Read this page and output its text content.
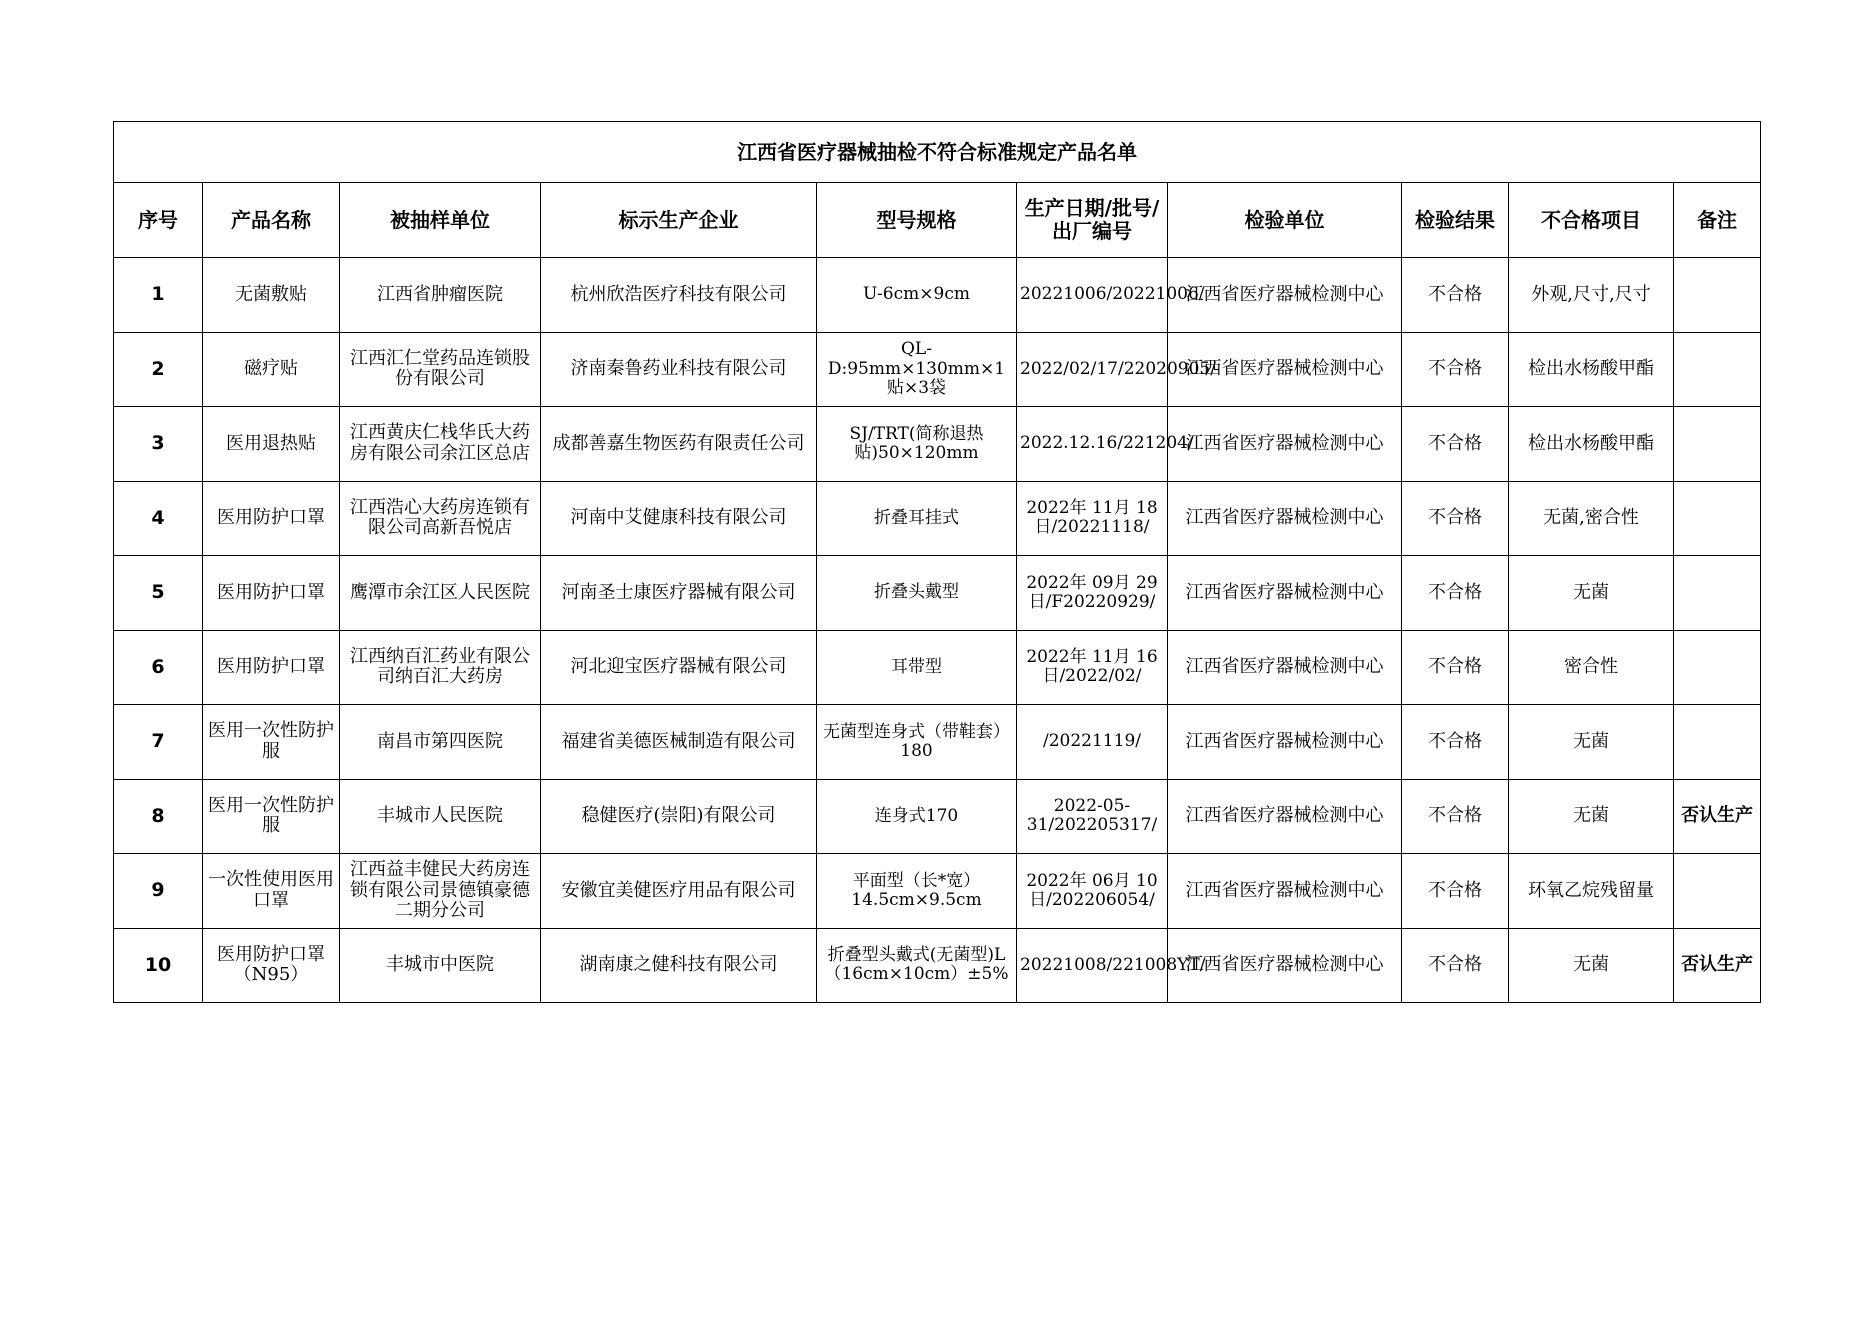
江西省医疗器械抽检不符合标准规定产品名单									
序号	产品名称	被抽样单位	标示生产企业	型号规格	生产日期/批号/出厂编号	检验单位	检验结果	不合格项目	备注
1	无菌敷贴	江西省肿瘤医院	杭州欣浩医疗科技有限公司	U-6cm×9cm	20221006/20221006/	江西省医疗器械检测中心	不合格	外观,尺寸,尺寸	
2	磁疗贴	江西汇仁堂药品连锁股份有限公司	济南秦鲁药业科技有限公司	QL-D:95mm×130mm×1贴×3袋	2022/02/17/22020905/	江西省医疗器械检测中心	不合格	检出水杨酸甲酯	
3	医用退热贴	江西黄庆仁栈华氏大药房有限公司余江区总店	成都善嘉生物医药有限责任公司	SJ/TRT(简称退热贴)50×120mm	2022.12.16/221204/	江西省医疗器械检测中心	不合格	检出水杨酸甲酯	
4	医用防护口罩	江西浩心大药房连锁有限公司高新吾悦店	河南中艾健康科技有限公司	折叠耳挂式	2022年 11月 18日/20221118/	江西省医疗器械检测中心	不合格	无菌,密合性	
5	医用防护口罩	鹰潭市余江区人民医院	河南圣士康医疗器械有限公司	折叠头戴型	2022年 09月 29日/F20220929/	江西省医疗器械检测中心	不合格	无菌	
6	医用防护口罩	江西纳百汇药业有限公司纳百汇大药房	河北迎宝医疗器械有限公司	耳带型	2022年 11月 16日/2022/02/	江西省医疗器械检测中心	不合格	密合性	
7	医用一次性防护服	南昌市第四医院	福建省美德医械制造有限公司	无菌型连身式（带鞋套）180	/20221119/	江西省医疗器械检测中心	不合格	无菌	
8	医用一次性防护服	丰城市人民医院	稳健医疗(崇阳)有限公司	连身式170	2022-05-31/202205317/	江西省医疗器械检测中心	不合格	无菌	否认生产
9	一次性使用医用口罩	江西益丰健民大药房连锁有限公司景德镇豪德二期分公司	安徽宜美健医疗用品有限公司	平面型（长*宽）14.5cm×9.5cm	2022年 06月 10日/202206054/	江西省医疗器械检测中心	不合格	环氧乙烷残留量	
10	医用防护口罩（N95）	丰城市中医院	湖南康之健科技有限公司	折叠型头戴式(无菌型)L（16cm×10cm）±5%	20221008/221008YT/	江西省医疗器械检测中心	不合格	无菌	否认生产
